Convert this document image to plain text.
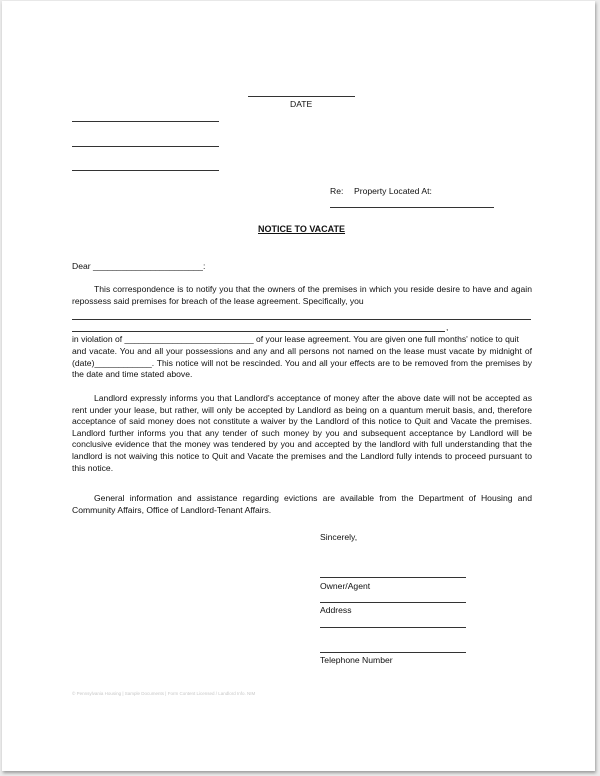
DATE
Re: Property Located At:
NOTICE TO VACATE
Dear _______________________:
This correspondence is to notify you that the owners of the premises in which you reside desire to have and again repossess said premises for breach of the lease agreement. Specifically, you
,
in violation of ___________________________ of your lease agreement. You are given one full months' notice to quit
and vacate. You and all your possessions and any and all persons not named on the lease must vacate by midnight of (date)____________. This notice will not be rescinded. You and all your effects are to be removed from the premises by the date and time stated above.
Landlord expressly informs you that Landlord's acceptance of money after the above date will not be accepted as rent under your lease, but rather, will only be accepted by Landlord as being on a quantum meruit basis, and, therefore acceptance of said money does not constitute a waiver by the Landlord of this notice to Quit and Vacate the premises. Landlord further informs you that any tender of such money by you and subsequent acceptance by Landlord will be conclusive evidence that the money was tendered by you and accepted by the landlord with full understanding that the landlord is not waiving this notice to Quit and Vacate the premises and the Landlord fully intends to proceed pursuant to this notice.
General information and assistance regarding evictions are available from the Department of Housing and Community Affairs, Office of Landlord-Tenant Affairs.
Sincerely,
Owner/Agent
Address
Telephone Number
© Pennsylvania Housing | Sample Documents | Form Content Licensed / Landlord Info. NIM
